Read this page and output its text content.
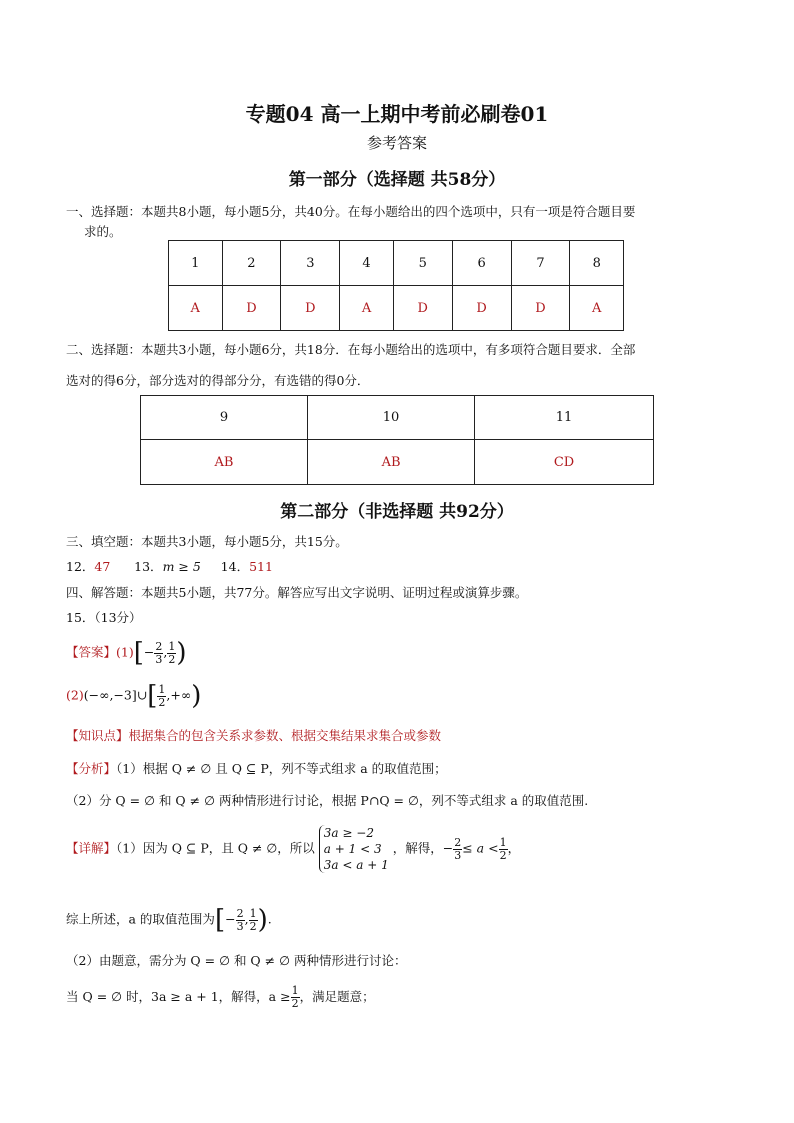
专题04 高一上期中考前必刷卷01
参考答案
第一部分（选择题 共58分）
一、选择题：本题共8小题，每小题5分，共40分。在每小题给出的四个选项中，只有一项是符合题目要
求的。
1	2	3	4	5	6	7	8
A	D	D	A	D	D	D	A
二、选择题：本题共3小题，每小题6分，共18分．在每小题给出的选项中，有多项符合题目要求．全部
选对的得6分，部分选对的得部分分，有选错的得0分．
9	10	11
AB	AB	CD
第二部分（非选择题 共92分）
三、填空题：本题共3小题，每小题5分，共15分。
12．47 13．m ≥ 5 14．511
四、解答题：本题共5小题，共77分。解答应写出文字说明、证明过程或演算步骤。
15．（13分）
【答案】$(1)[- \frac{2}{3}$ , $\frac{1}{2}$ )
(2)(−∞,−3]∪[ $\frac{1}{2}$ ,+∞)
【知识点】根据集合的包含关系求参数、根据交集结果求集合或参数
【分析】（1）根据 Q ≠ ∅ 且 Q ⊆ P，列不等式组求 a 的取值范围；
（2）分 Q = ∅ 和 Q ≠ ∅ 两种情形进行讨论，根据 P∩Q = ∅，列不等式组求 a 的取值范围.
【详解】（1）因为 Q ⊆ P，且 Q ≠ ∅，所以
3a ≥ −2
a + 1 < 3
3a < a + 1
，解得，− $\frac{2}{3} \le a < \frac{1}{2}$ ，
综上所述，a 的取值范围为[− $\frac{2}{3}$ , $\frac{1}{2}$ ).
（2）由题意，需分为 Q = ∅ 和 Q ≠ ∅ 两种情形进行讨论：
当 Q = ∅ 时，3a ≥ a + 1，解得，$a \ge \frac{1}{2}$ ，满足题意；
